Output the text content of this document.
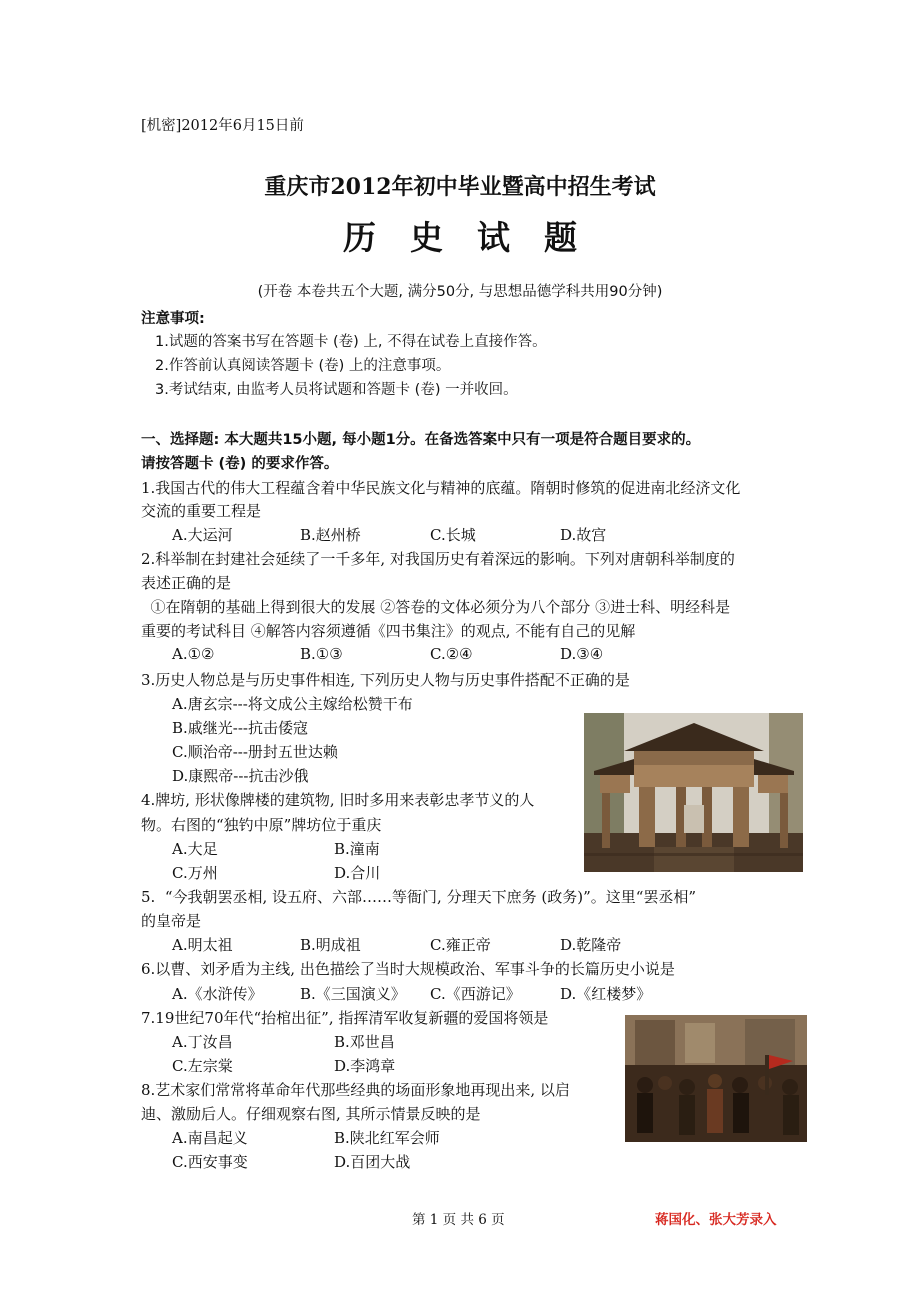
[机密]2012年6月15日前
重庆市2012年初中毕业暨高中招生考试
历史试题
(开卷 本卷共五个大题, 满分50分, 与思想品德学科共用90分钟)
注意事项:
1.试题的答案书写在答题卡 (卷) 上, 不得在试卷上直接作答。
2.作答前认真阅读答题卡 (卷) 上的注意事项。
3.考试结束, 由监考人员将试题和答题卡 (卷) 一并收回。
一、选择题: 本大题共15小题, 每小题1分。在备选答案中只有一项是符合题目要求的。
请按答题卡 (卷) 的要求作答。
1.我国古代的伟大工程蕴含着中华民族文化与精神的底蕴。隋朝时修筑的促进南北经济文化
交流的重要工程是
A.大运河	B.赵州桥	C.长城	D.故宫
2.科举制在封建社会延续了一千多年, 对我国历史有着深远的影响。下列对唐朝科举制度的
表述正确的是
①在隋朝的基础上得到很大的发展 ②答卷的文体必须分为八个部分 ③进士科、明经科是
重要的考试科目 ④解答内容须遵循《四书集注》的观点, 不能有自己的见解
A.①②	B.①③	C.②④	D.③④
3.历史人物总是与历史事件相连, 下列历史人物与历史事件搭配不正确的是
A.唐玄宗---将文成公主嫁给松赞干布
B.戚继光---抗击倭寇
C.顺治帝---册封五世达赖
D.康熙帝---抗击沙俄
4.牌坊, 形状像牌楼的建筑物, 旧时多用来表彰忠孝节义的人
物。右图的“独钓中原”牌坊位于重庆
A.大足	B.潼南
C.万州	D.合川
5.  “今我朝罢丞相, 设五府、六部……等衙门, 分理天下庶务 (政务)”。这里“罢丞相”
的皇帝是
A.明太祖	B.明成祖	C.雍正帝	D.乾隆帝
6.以曹、刘矛盾为主线, 出色描绘了当时大规模政治、军事斗争的长篇历史小说是
A.《水浒传》 B.《三国演义》 C.《西游记》	D.《红楼梦》
7.19世纪70年代“抬棺出征”, 指挥清军收复新疆的爱国将领是
A.丁汝昌	B.邓世昌
C.左宗棠	D.李鸿章
8.艺术家们常常将革命年代那些经典的场面形象地再现出来, 以启
迪、激励后人。仔细观察右图, 其所示情景反映的是
A.南昌起义	B.陕北红军会师
C.西安事变	D.百团大战
第 1 页 共 6 页	蒋国化、张大芳录入
